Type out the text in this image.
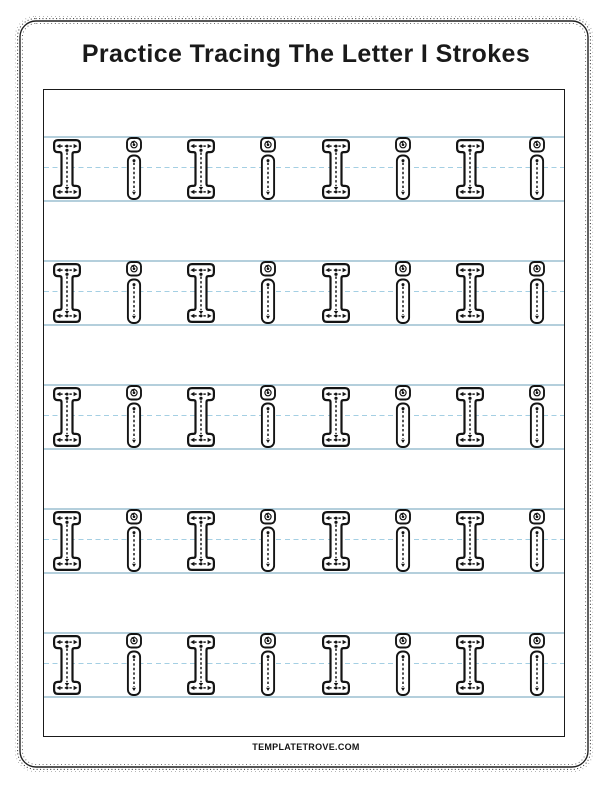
Practice Tracing The Letter I Strokes
TEMPLATETROVE.COM
